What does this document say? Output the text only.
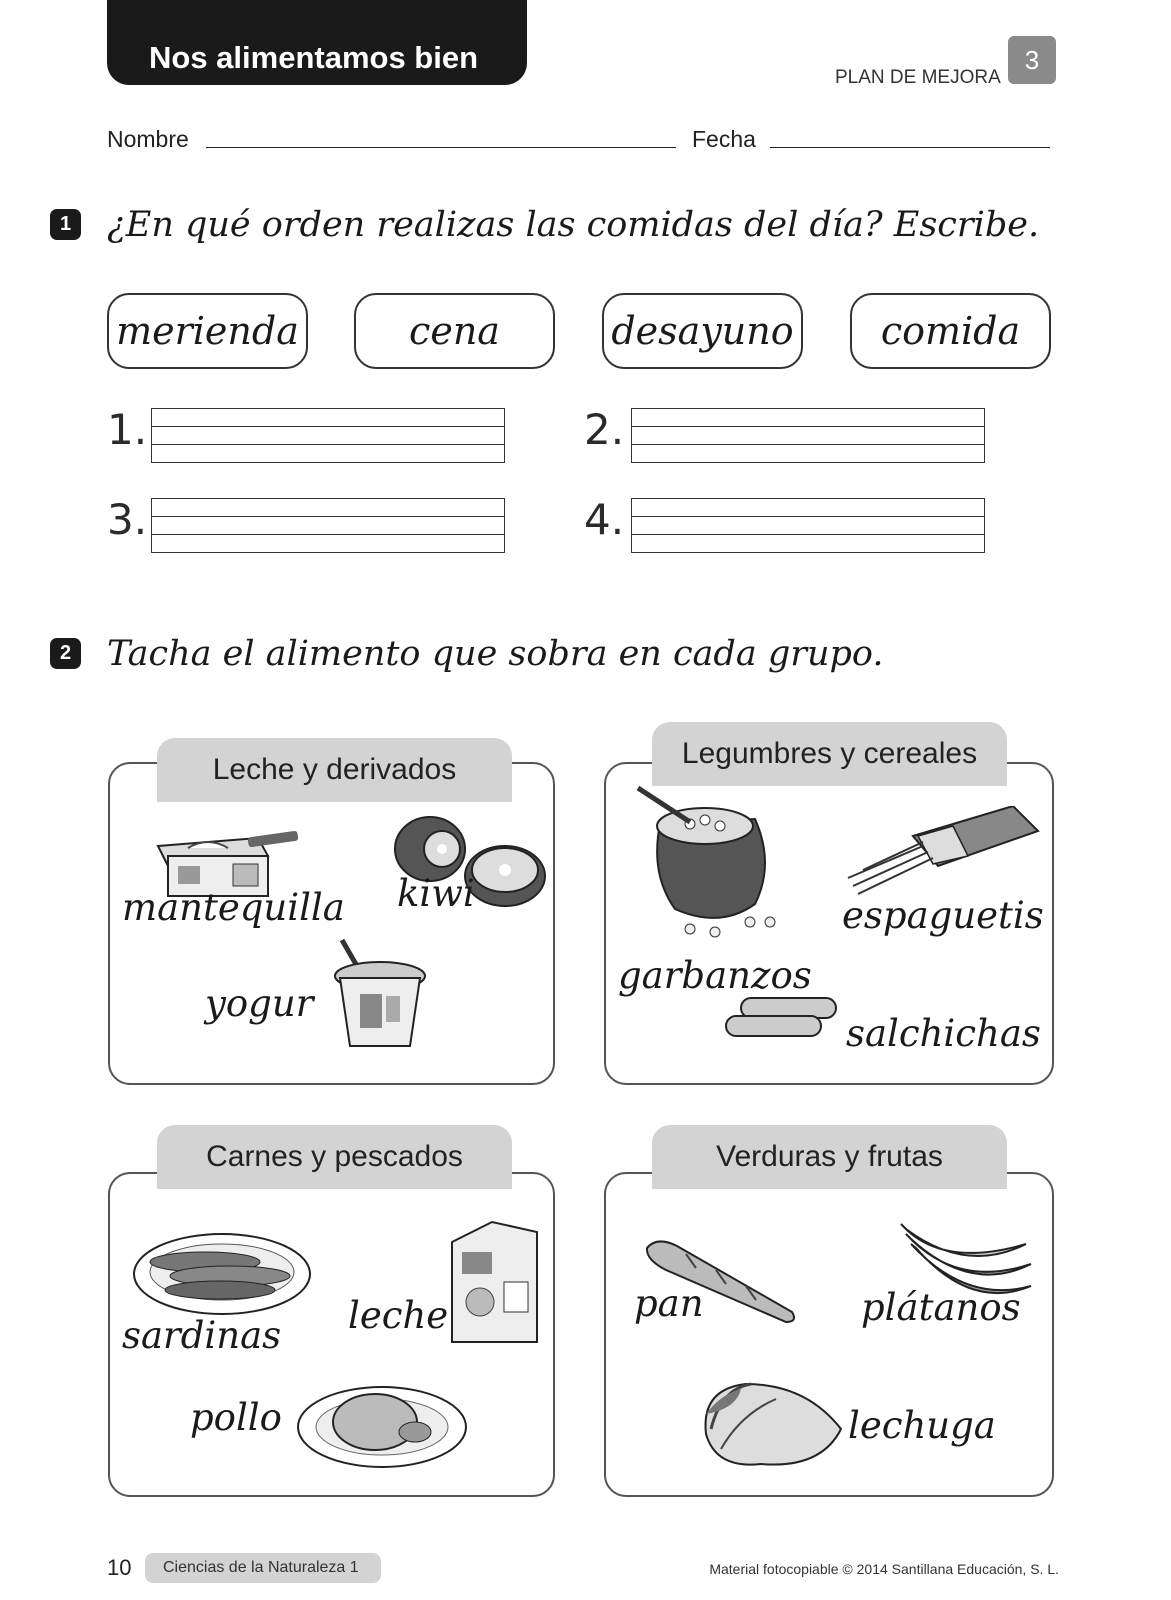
Nos alimentamos bien
PLAN DE MEJORA
3
Nombre	Fecha
1 ¿En qué orden realizas las comidas del día? Escribe.
merienda	cena	desayuno	comida
1.	2.
3.	4.
2 Tacha el alimento que sobra en cada grupo.
mantequilla kiwi
yogur
Leche y derivados
espaguetis
garbanzos
salchichas
Legumbres y cereales
sardinas leche
pollo
Carnes y pescados
pan	plátanos
lechuga
Verduras y frutas
10	Ciencias de la Naturaleza 1	Material fotocopiable © 2014 Santillana Educación, S. L.
